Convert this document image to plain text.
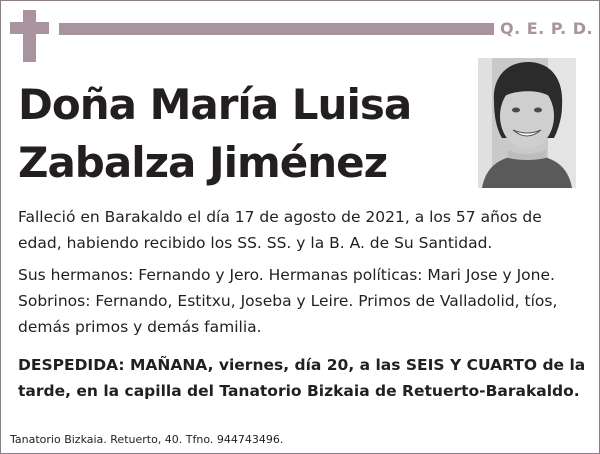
Q. E. P. D.
Doña María Luisa
Zabalza Jiménez
Falleció en Barakaldo el día 17 de agosto de 2021, a los 57 años de edad, habiendo recibido los SS. SS. y la B. A. de Su Santidad.
Sus hermanos: Fernando y Jero. Hermanas políticas: Mari Jose y Jone. Sobrinos: Fernando, Estitxu, Joseba y Leire. Primos de Valladolid, tíos, demás primos y demás familia.
DESPEDIDA: MAÑANA, viernes, día 20, a las SEIS Y CUARTO de la tarde, en la capilla del Tanatorio Bizkaia de Retuerto-Barakaldo.
Tanatorio Bizkaia. Retuerto, 40. Tfno. 944743496.
